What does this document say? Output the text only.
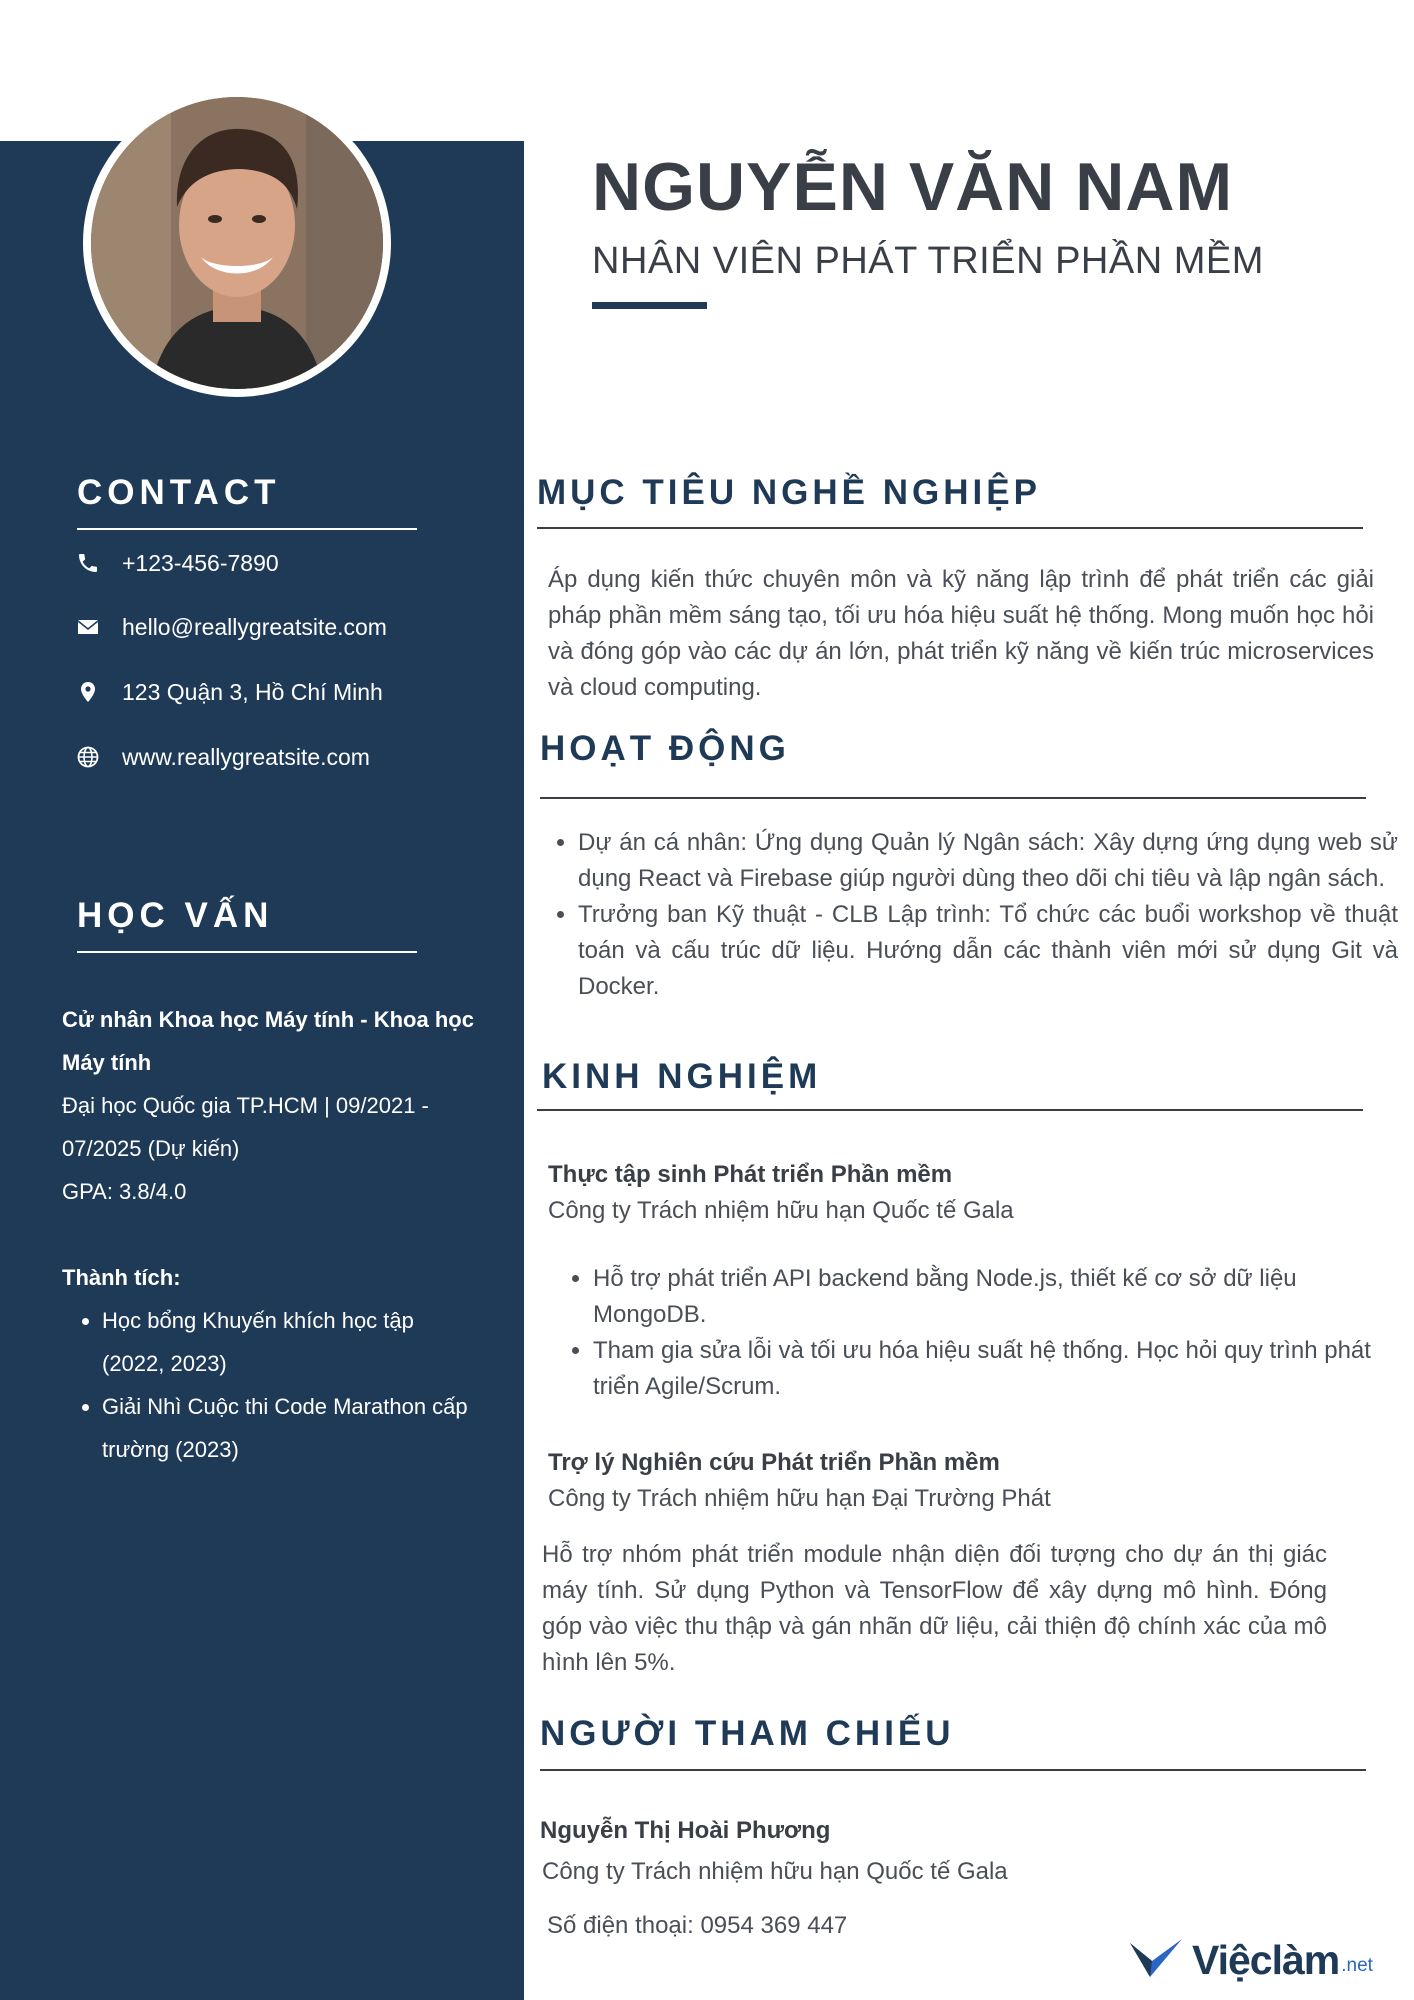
CONTACT
+123-456-7890
hello@reallygreatsite.com
123 Quận 3, Hồ Chí Minh
www.reallygreatsite.com
HỌC VẤN
Cử nhân Khoa học Máy tính - Khoa học Máy tính
Đại học Quốc gia TP.HCM | 09/2021 - 07/2025 (Dự kiến)
GPA: 3.8/4.0
Thành tích:
• Học bổng Khuyến khích học tập (2022, 2023)
• Giải Nhì Cuộc thi Code Marathon cấp trường (2023)
NGUYỄN VĂN NAM
NHÂN VIÊN PHÁT TRIỂN PHẦN MỀM
MỤC TIÊU NGHỀ NGHIỆP

Áp dụng kiến thức chuyên môn và kỹ năng lập trình để phát triển các giải pháp phần mềm sáng tạo, tối ưu hóa hiệu suất hệ thống. Mong muốn học hỏi và đóng góp vào các dự án lớn, phát triển kỹ năng về kiến trúc microservices và cloud computing.

HOẠT ĐỘNG
• Dự án cá nhân: Ứng dụng Quản lý Ngân sách: Xây dựng ứng dụng web sử dụng React và Firebase giúp người dùng theo dõi chi tiêu và lập ngân sách.
• Trưởng ban Kỹ thuật - CLB Lập trình: Tổ chức các buổi workshop về thuật toán và cấu trúc dữ liệu. Hướng dẫn các thành viên mới sử dụng Git và Docker.
KINH NGHIỆM
Thực tập sinh Phát triển Phần mềm
Công ty Trách nhiệm hữu hạn Quốc tế Gala
• Hỗ trợ phát triển API backend bằng Node.js, thiết kế cơ sở dữ liệu MongoDB.
• Tham gia sửa lỗi và tối ưu hóa hiệu suất hệ thống. Học hỏi quy trình phát triển Agile/Scrum.
Trợ lý Nghiên cứu Phát triển Phần mềm
Công ty Trách nhiệm hữu hạn Đại Trường Phát

Hỗ trợ nhóm phát triển module nhận diện đối tượng cho dự án thị giác máy tính. Sử dụng Python và TensorFlow để xây dựng mô hình. Đóng góp vào việc thu thập và gán nhãn dữ liệu, cải thiện độ chính xác của mô hình lên 5%.

NGƯỜI THAM CHIẾU
Nguyễn Thị Hoài Phương
Công ty Trách nhiệm hữu hạn Quốc tế Gala
Số điện thoại: 0954 369 447
Việclàm .net
